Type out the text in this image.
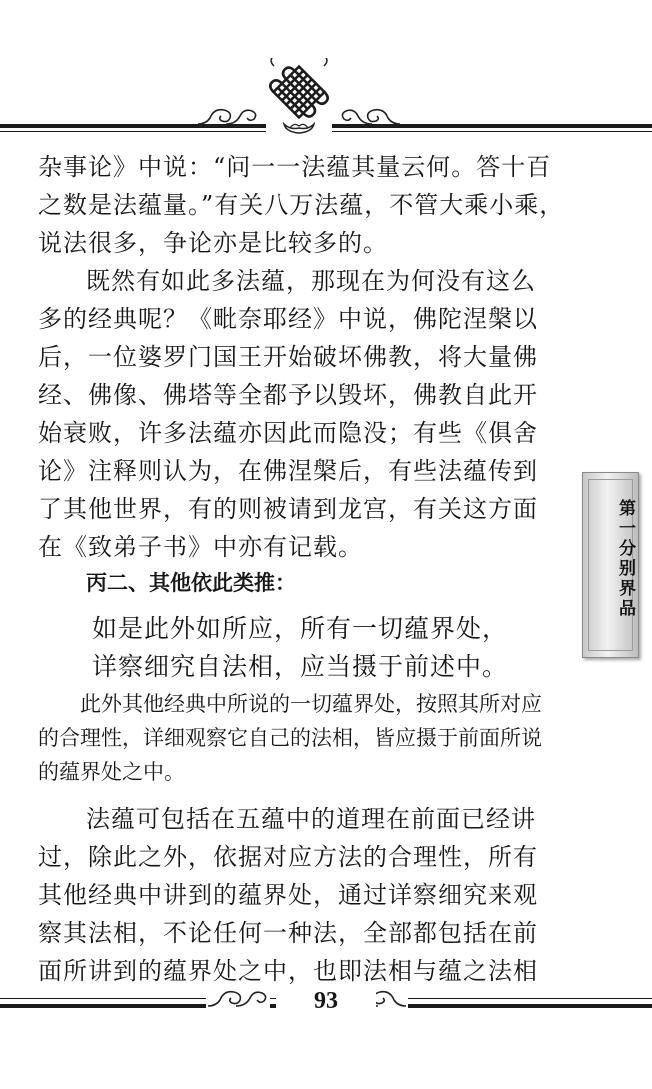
杂事论》中说：“问一一法蕴其量云何。答十百

之数是法蕴量。”有关八万法蕴，不管大乘小乘，

说法很多，争论亦是比较多的。

既然有如此多法蕴，那现在为何没有这么

多的经典呢？《毗奈耶经》中说，佛陀涅槃以

后，一位婆罗门国王开始破坏佛教，将大量佛

经、佛像、佛塔等全都予以毁坏，佛教自此开

始衰败，许多法蕴亦因此而隐没；有些《俱舍

论》注释则认为，在佛涅槃后，有些法蕴传到

了其他世界，有的则被请到龙宫，有关这方面

在《致弟子书》中亦有记载。

丙二、其他依此类推：

如是此外如所应，所有一切蕴界处，

详察细究自法相，应当摄于前述中。

此外其他经典中所说的一切蕴界处，按照其所对应

的合理性，详细观察它自己的法相，皆应摄于前面所说

的蕴界处之中。

法蕴可包括在五蕴中的道理在前面已经讲

过，除此之外，依据对应方法的合理性，所有

其他经典中讲到的蕴界处，通过详察细究来观

察其法相，不论任何一种法，全部都包括在前

面所讲到的蕴界处之中，也即法相与蕴之法相

第一分别界品

93
